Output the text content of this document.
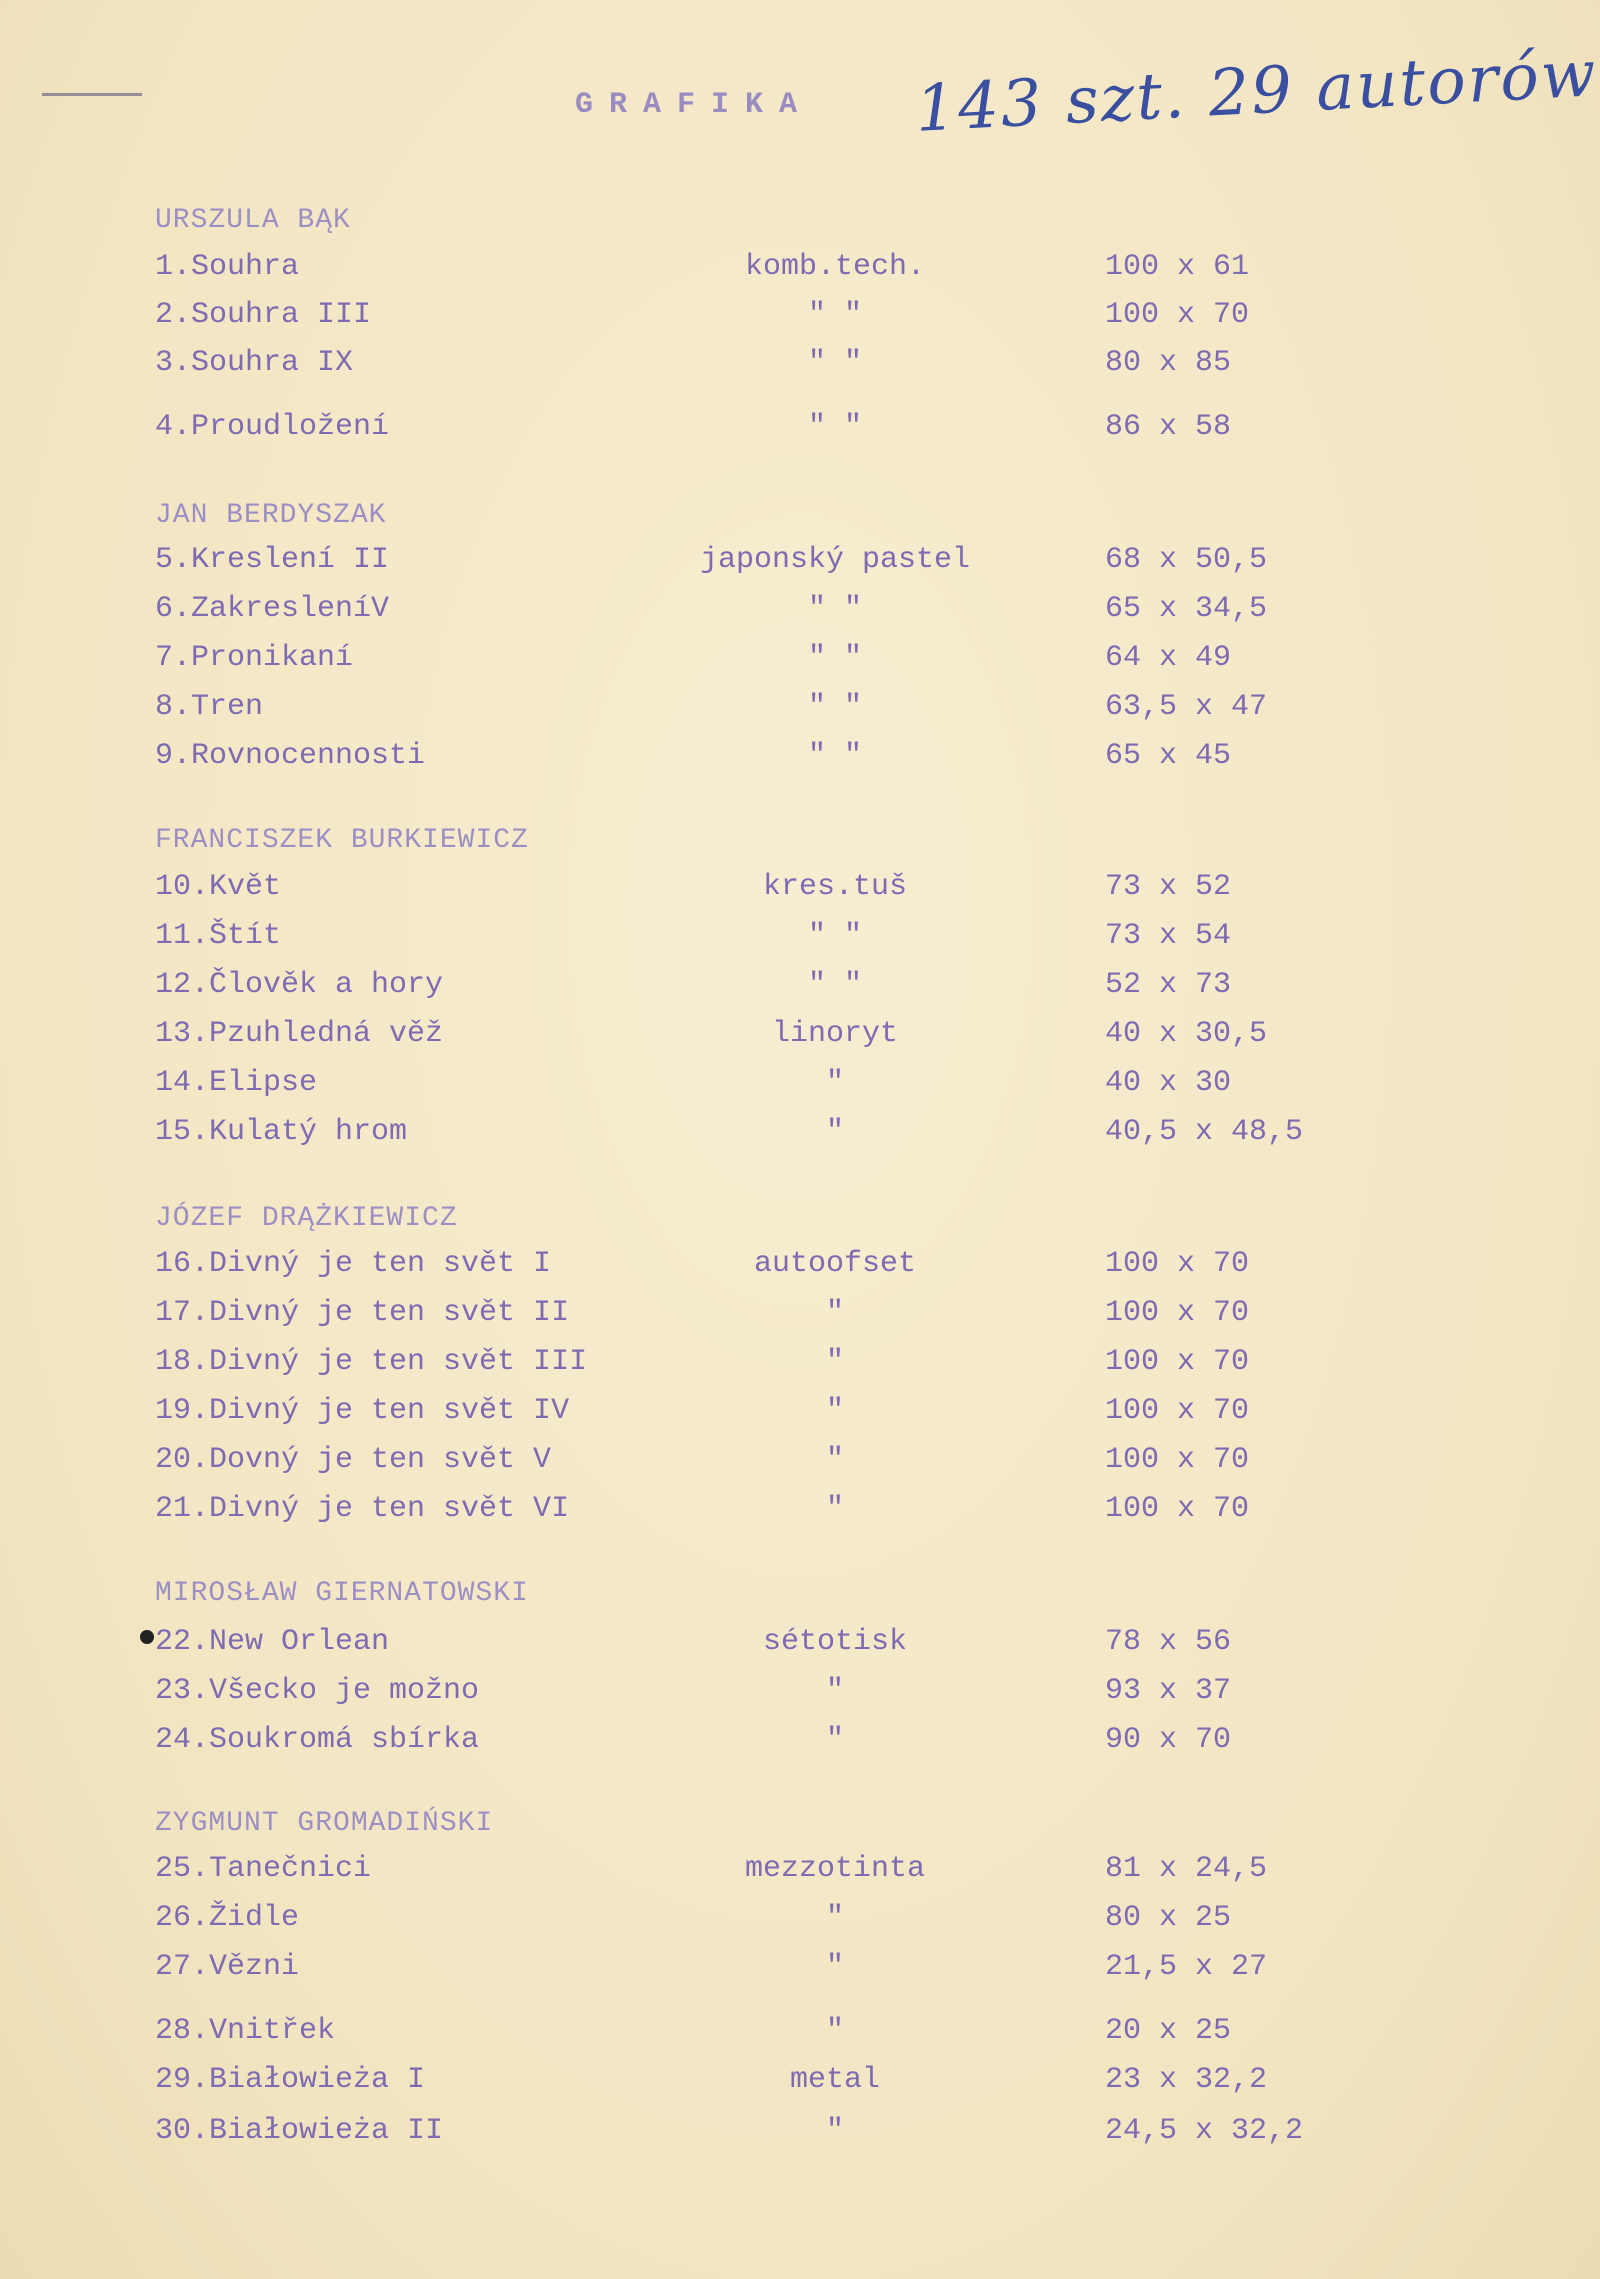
GRAFIKA 143 szt. 29 autorów
URSZULA BĄK
1.Souhra	komb.tech.	100 x 61
2.Souhra III	" "	100 x 70
3.Souhra IX	" "	80 x 85
4.Proudložení	" "	86 x 58
JAN BERDYSZAK
5.Kreslení II	japonský pastel	68 x 50,5
6.ZakresleníV	" "	65 x 34,5
7.Pronikaní	" "	64 x 49
8.Tren	" "	63,5 x 47
9.Rovnocennosti	" "	65 x 45
FRANCISZEK BURKIEWICZ
10.Květ	kres.tuš	73 x 52
11.Štít	" "	73 x 54
12.Člověk a hory	" "	52 x 73
13.Pzuhledná věž	linoryt	40 x 30,5
14.Elipse	"	40 x 30
15.Kulatý hrom	"	40,5 x 48,5
JÓZEF DRĄŻKIEWICZ
16.Divný je ten svět I	autoofset	100 x 70
17.Divný je ten svět II	"	100 x 70
18.Divný je ten svět III	"	100 x 70
19.Divný je ten svět IV	"	100 x 70
20.Dovný je ten svět V	"	100 x 70
21.Divný je ten svět VI	"	100 x 70
MIROSŁAW GIERNATOWSKI
22.New Orlean	sétotisk	78 x 56
23.Všecko je možno	"	93 x 37
24.Soukromá sbírka	"	90 x 70
ZYGMUNT GROMADIŃSKI
25.Tanečnici	mezzotinta	81 x 24,5
26.Židle	"	80 x 25
27.Vězni	"	21,5 x 27
28.Vnitřek	"	20 x 25
29.Białowieża I	metal	23 x 32,2
30.Białowieża II	"	24,5 x 32,2
